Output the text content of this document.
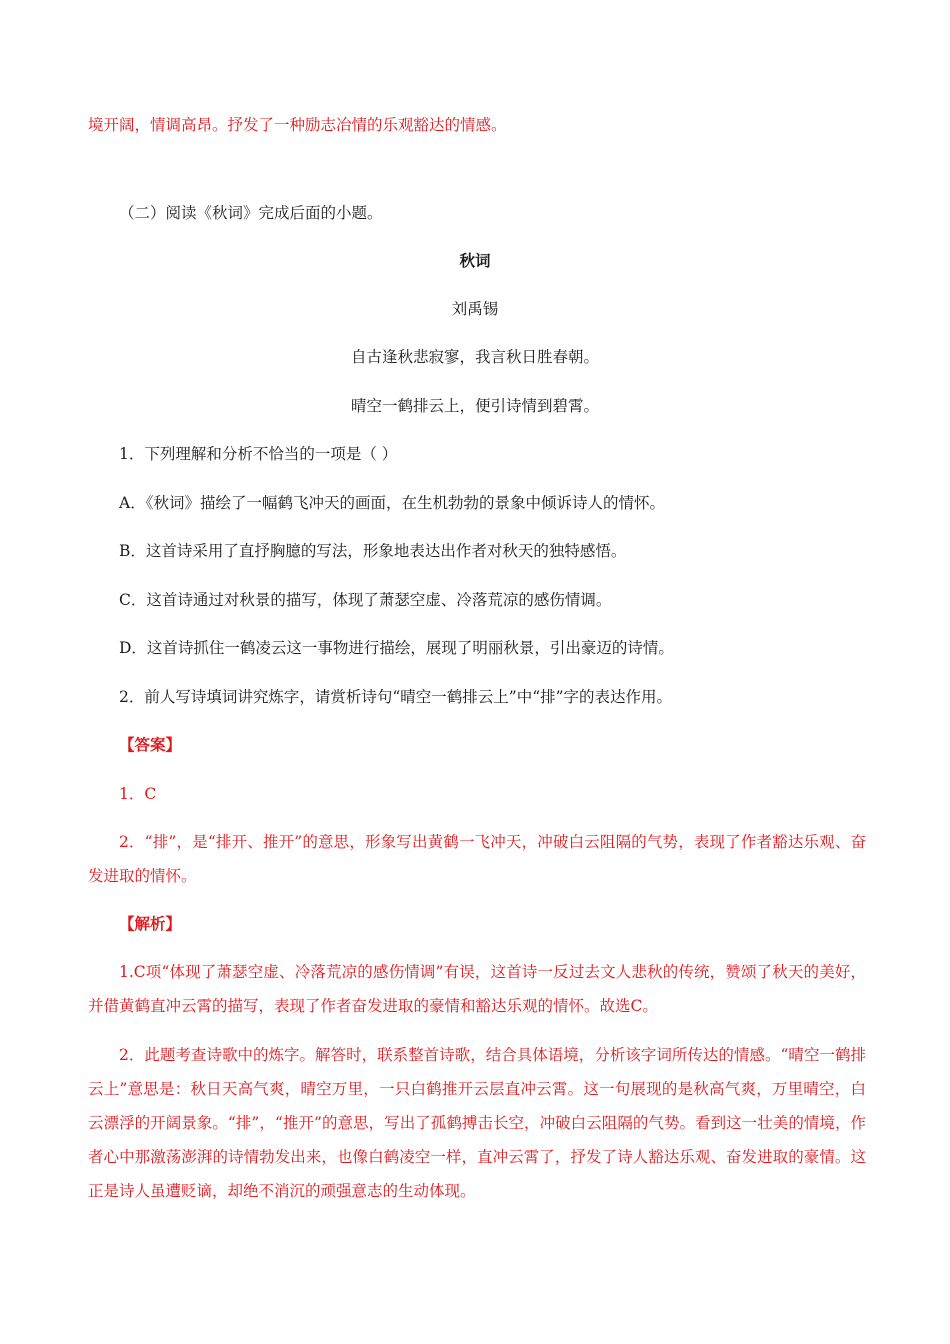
境开阔，情调高昂。抒发了一种励志冶情的乐观豁达的情感。
（二）阅读《秋词》完成后面的小题。
秋词
刘禹锡
自古逢秋悲寂寥，我言秋日胜春朝。
晴空一鹤排云上，便引诗情到碧霄。
1．下列理解和分析不恰当的一项是（ ）
A．《秋词》描绘了一幅鹤飞冲天的画面，在生机勃勃的景象中倾诉诗人的情怀。
B．这首诗采用了直抒胸臆的写法，形象地表达出作者对秋天的独特感悟。
C．这首诗通过对秋景的描写，体现了萧瑟空虚、冷落荒凉的感伤情调。
D．这首诗抓住一鹤凌云这一事物进行描绘，展现了明丽秋景，引出豪迈的诗情。
2．前人写诗填词讲究炼字，请赏析诗句“晴空一鹤排云上”中“排”字的表达作用。
【答案】
1．C
2．“排”，是“排开、推开”的意思，形象写出黄鹤一飞冲天，冲破白云阻隔的气势，表现了作者豁达乐观、奋发进取的情怀。
【解析】
1.C项“体现了萧瑟空虚、冷落荒凉的感伤情调”有误，这首诗一反过去文人悲秋的传统，赞颂了秋天的美好，并借黄鹤直冲云霄的描写，表现了作者奋发进取的豪情和豁达乐观的情怀。故选C。
2．此题考查诗歌中的炼字。解答时，联系整首诗歌，结合具体语境，分析该字词所传达的情感。“晴空一鹤排云上”意思是：秋日天高气爽，晴空万里，一只白鹤推开云层直冲云霄。这一句展现的是秋高气爽，万里晴空，白云漂浮的开阔景象。“排”，“推开”的意思，写出了孤鹤搏击长空，冲破白云阻隔的气势。看到这一壮美的情境，作者心中那激荡澎湃的诗情勃发出来，也像白鹤凌空一样，直冲云霄了，抒发了诗人豁达乐观、奋发进取的豪情。这正是诗人虽遭贬谪，却绝不消沉的顽强意志的生动体现。
